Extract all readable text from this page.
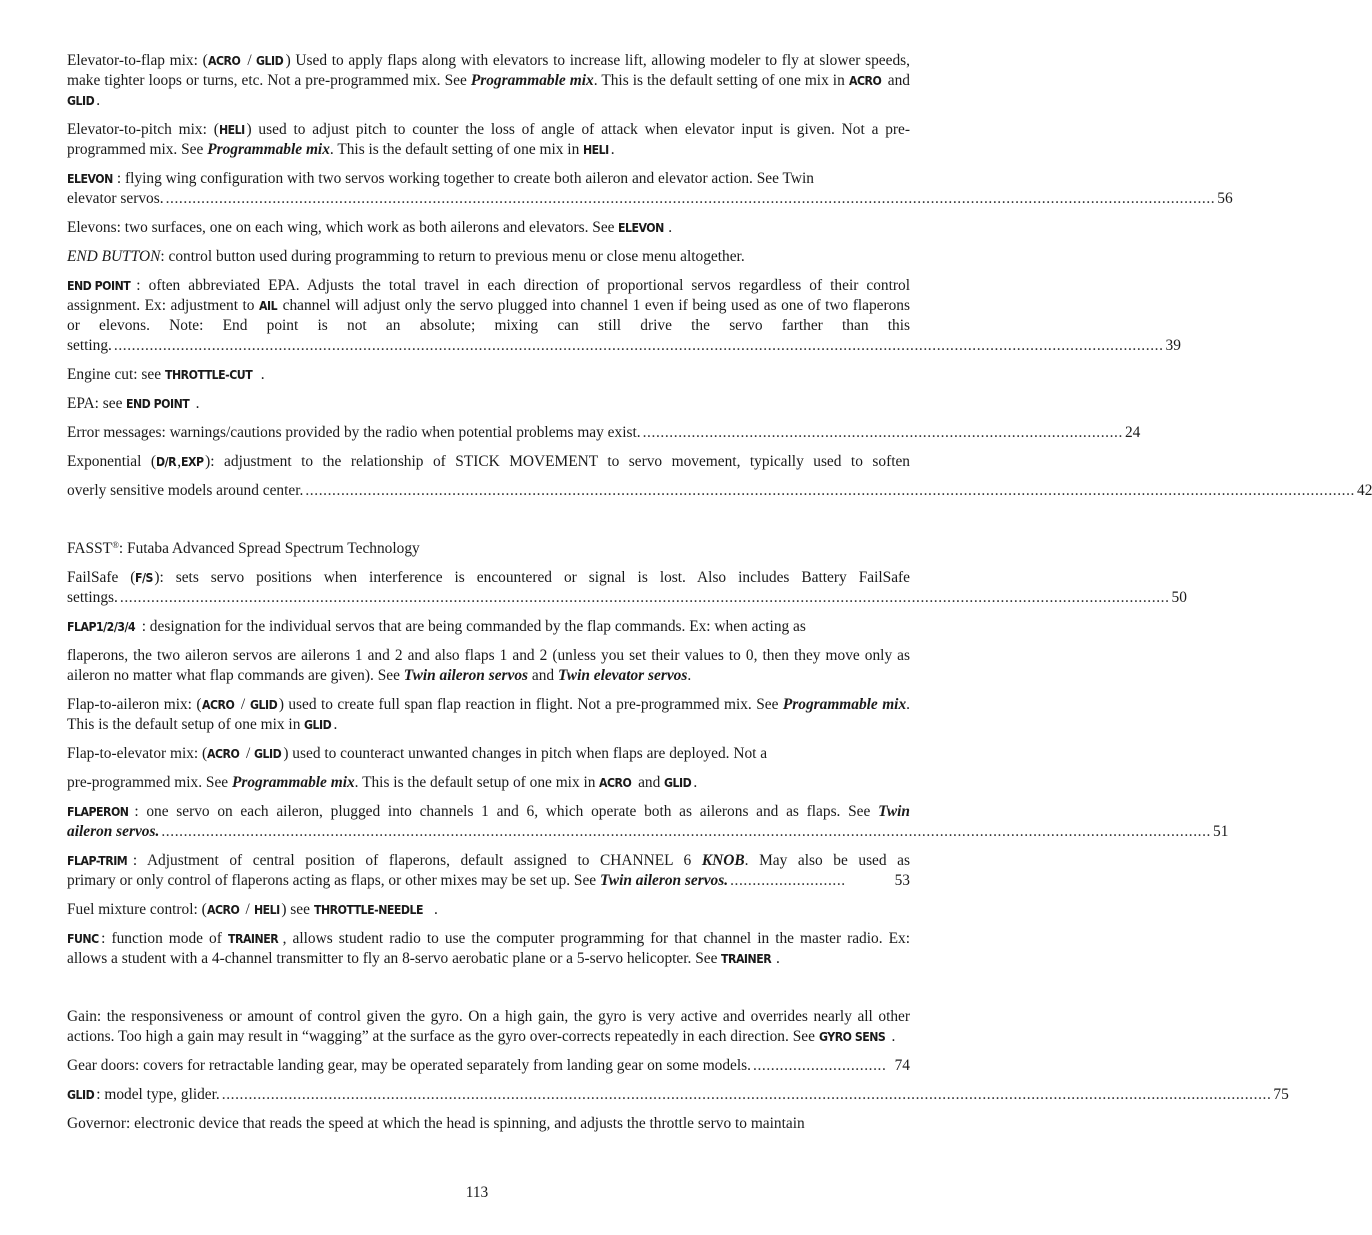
Elevator-to-flap mix: (ACRO / GLID ) Used to apply flaps along with elevators to increase lift, allowing modeler to fly at slower speeds, make tighter loops or turns, etc. Not a pre-programmed mix. See Programmable mix. This is the default setting of one mix in ACRO and GLID .

Elevator-to-pitch mix: (HELI ) used to adjust pitch to counter the loss of angle of attack when elevator input is given. Not a pre-programmed mix. See Programmable mix. This is the default setting of one mix in HELI .

ELEVON : flying wing configuration with two servos working together to create both aileron and elevator action. See Twin
elevator servos. ............................................................................................................................................................................................................................................ 56

Elevons: two surfaces, one on each wing, which work as both ailerons and elevators. See ELEVON .

END BUTTON: control button used during programming to return to previous menu or close menu altogether.

END POINT : often abbreviated EPA. Adjusts the total travel in each direction of proportional servos regardless of their control assignment. Ex: adjustment to AIL channel will adjust only the servo plugged into channel 1 even if being used as one of two flaperons or elevons. Note: End point is not an absolute; mixing can still drive the servo farther than this
setting. ............................................................................................................................................................................................................................................ 39

Engine cut: see THROTTLE-CUT .

EPA: see END POINT .

Error messages: warnings/cautions provided by the radio when potential problems may exist. ............................................................................................................ 24
Exponential (D/R,EXP): adjustment to the relationship of STICK MOVEMENT to servo movement, typically used to soften
overly sensitive models around center. ............................................................................................................................................................................................................................................ 42

FASST®: Futaba Advanced Spread Spectrum Technology

FailSafe (F/S): sets servo positions when interference is encountered or signal is lost. Also includes Battery FailSafe
settings. ............................................................................................................................................................................................................................................ 50

FLAP1/2/3/4 : designation for the individual servos that are being commanded by the flap commands. Ex: when acting as

flaperons, the two aileron servos are ailerons 1 and 2 and also flaps 1 and 2 (unless you set their values to 0, then they move only as aileron no matter what flap commands are given). See Twin aileron servos and Twin elevator servos.

Flap-to-aileron mix: (ACRO / GLID ) used to create full span flap reaction in flight. Not a pre-programmed mix. See Programmable mix. This is the default setup of one mix in GLID .

Flap-to-elevator mix: (ACRO / GLID ) used to counteract unwanted changes in pitch when flaps are deployed. Not a

pre-programmed mix. See Programmable mix. This is the default setup of one mix in ACRO and GLID .

FLAPERON : one servo on each aileron, plugged into channels 1 and 6, which operate both as ailerons and as flaps. See Twin
aileron servos. ............................................................................................................................................................................................................................................ 51
FLAP-TRIM : Adjustment of central position of flaperons, default assigned to CHANNEL 6 KNOB. May also be used as
primary or only control of flaperons acting as flaps, or other mixes may be set up. See Twin aileron servos. ..........................	53

Fuel mixture control: (ACRO / HELI ) see THROTTLE-NEEDLE .

FUNC : function mode of TRAINER , allows student radio to use the computer programming for that channel in the master radio. Ex: allows a student with a 4-channel transmitter to fly an 8-servo aerobatic plane or a 5-servo helicopter. See TRAINER .

Gain: the responsiveness or amount of control given the gyro. On a high gain, the gyro is very active and overrides nearly all other actions. Too high a gain may result in “wagging” at the surface as the gyro over-corrects repeatedly in each direction. See GYRO SENS .

Gear doors: covers for retractable landing gear, may be operated separately from landing gear on some models. .............................. 74
GLID : model type, glider. ............................................................................................................................................................................................................................................ 75

Governor: electronic device that reads the speed at which the head is spinning, and adjusts the throttle servo to maintain

113
